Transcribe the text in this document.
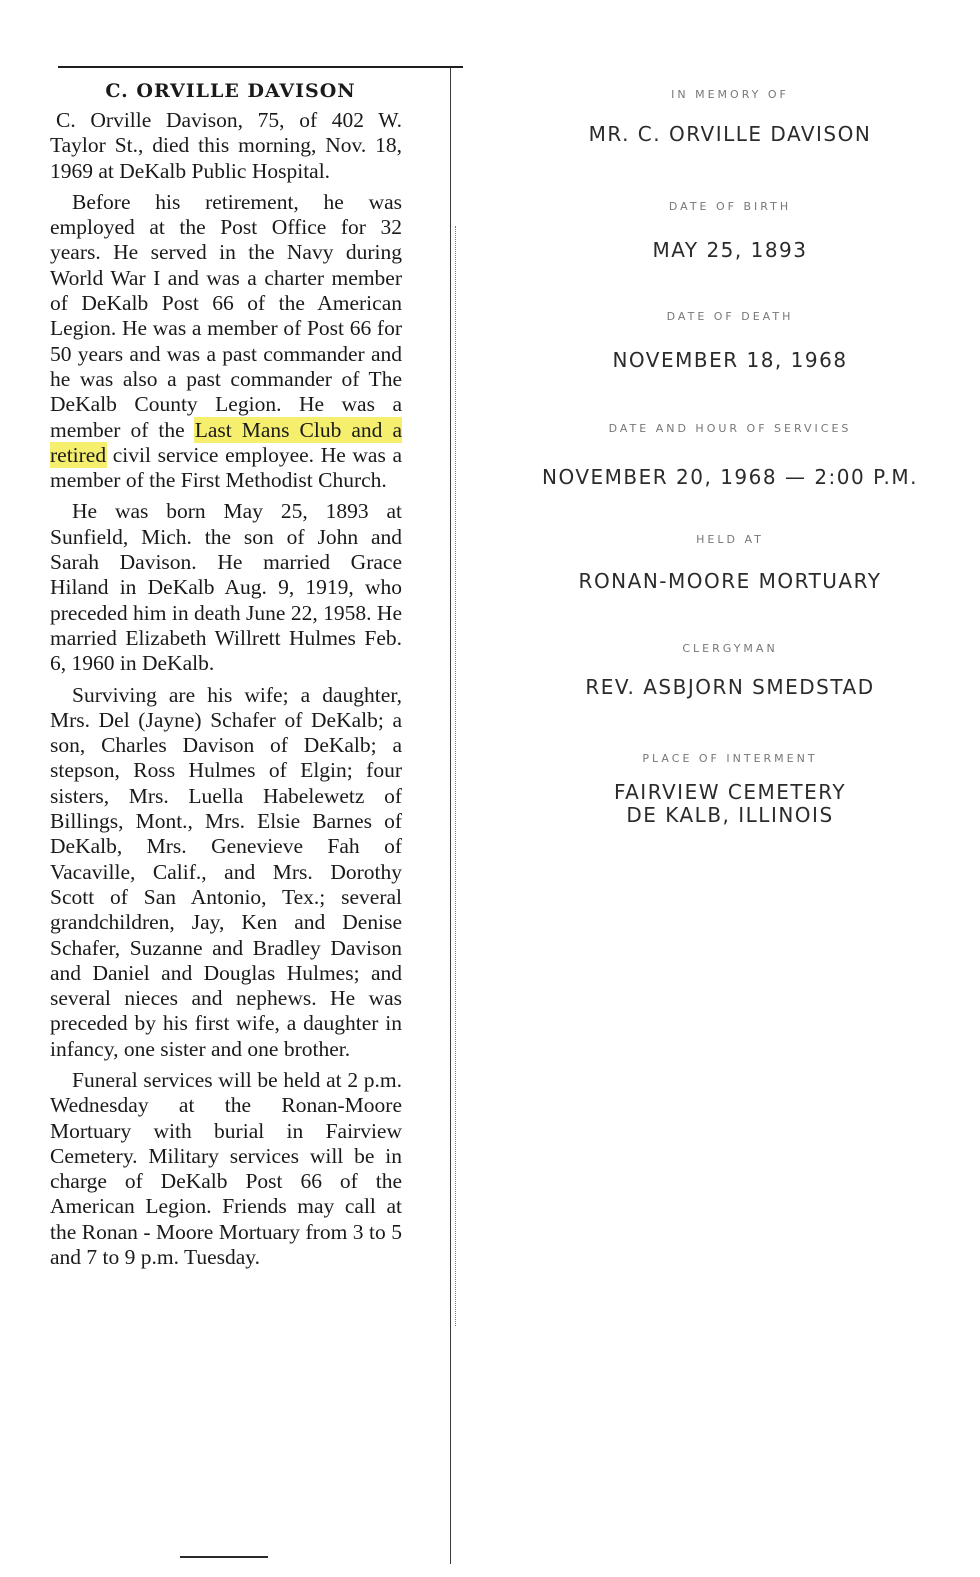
C. ORVILLE DAVISON

C. Orville Davison, 75, of 402 W. Taylor St., died this morning, Nov. 18, 1969 at DeKalb Public Hospital.

Before his retirement, he was employed at the Post Office for 32 years. He served in the Navy during World War I and was a charter member of DeKalb Post 66 of the American Legion. He was a member of Post 66 for 50 years and was a past commander and he was also a past commander of The DeKalb County Legion. He was a member of the Last Mans Club and a retired civil service employee. He was a member of the First Methodist Church.

He was born May 25, 1893 at Sunfield, Mich. the son of John and Sarah Davison. He married Grace Hiland in DeKalb Aug. 9, 1919, who preceded him in death June 22, 1958. He married Elizabeth Willrett Hulmes Feb. 6, 1960 in DeKalb.

Surviving are his wife; a daughter, Mrs. Del (Jayne) Schafer of DeKalb; a son, Charles Davison of DeKalb; a stepson, Ross Hulmes of Elgin; four sisters, Mrs. Luella Habelewetz of Billings, Mont., Mrs. Elsie Barnes of DeKalb, Mrs. Genevieve Fah of Vacaville, Calif., and Mrs. Dorothy Scott of San Antonio, Tex.; several grandchildren, Jay, Ken and Denise Schafer, Suzanne and Bradley Davison and Daniel and Douglas Hulmes; and several nieces and nephews. He was preceded by his first wife, a daughter in infancy, one sister and one brother.

Funeral services will be held at 2 p.m. Wednesday at the Ronan-Moore Mortuary with burial in Fairview Cemetery. Military services will be in charge of DeKalb Post 66 of the American Legion. Friends may call at the Ronan - Moore Mortuary from 3 to 5 and 7 to 9 p.m. Tuesday.

IN MEMORY OF
MR. C. ORVILLE DAVISON
DATE OF BIRTH
MAY 25, 1893
DATE OF DEATH
NOVEMBER 18, 1968
DATE AND HOUR OF SERVICES
NOVEMBER 20, 1968 — 2:00 P.M.
HELD AT
RONAN-MOORE MORTUARY
CLERGYMAN
REV. ASBJORN SMEDSTAD
PLACE OF INTERMENT
FAIRVIEW CEMETERY
DE KALB, ILLINOIS
